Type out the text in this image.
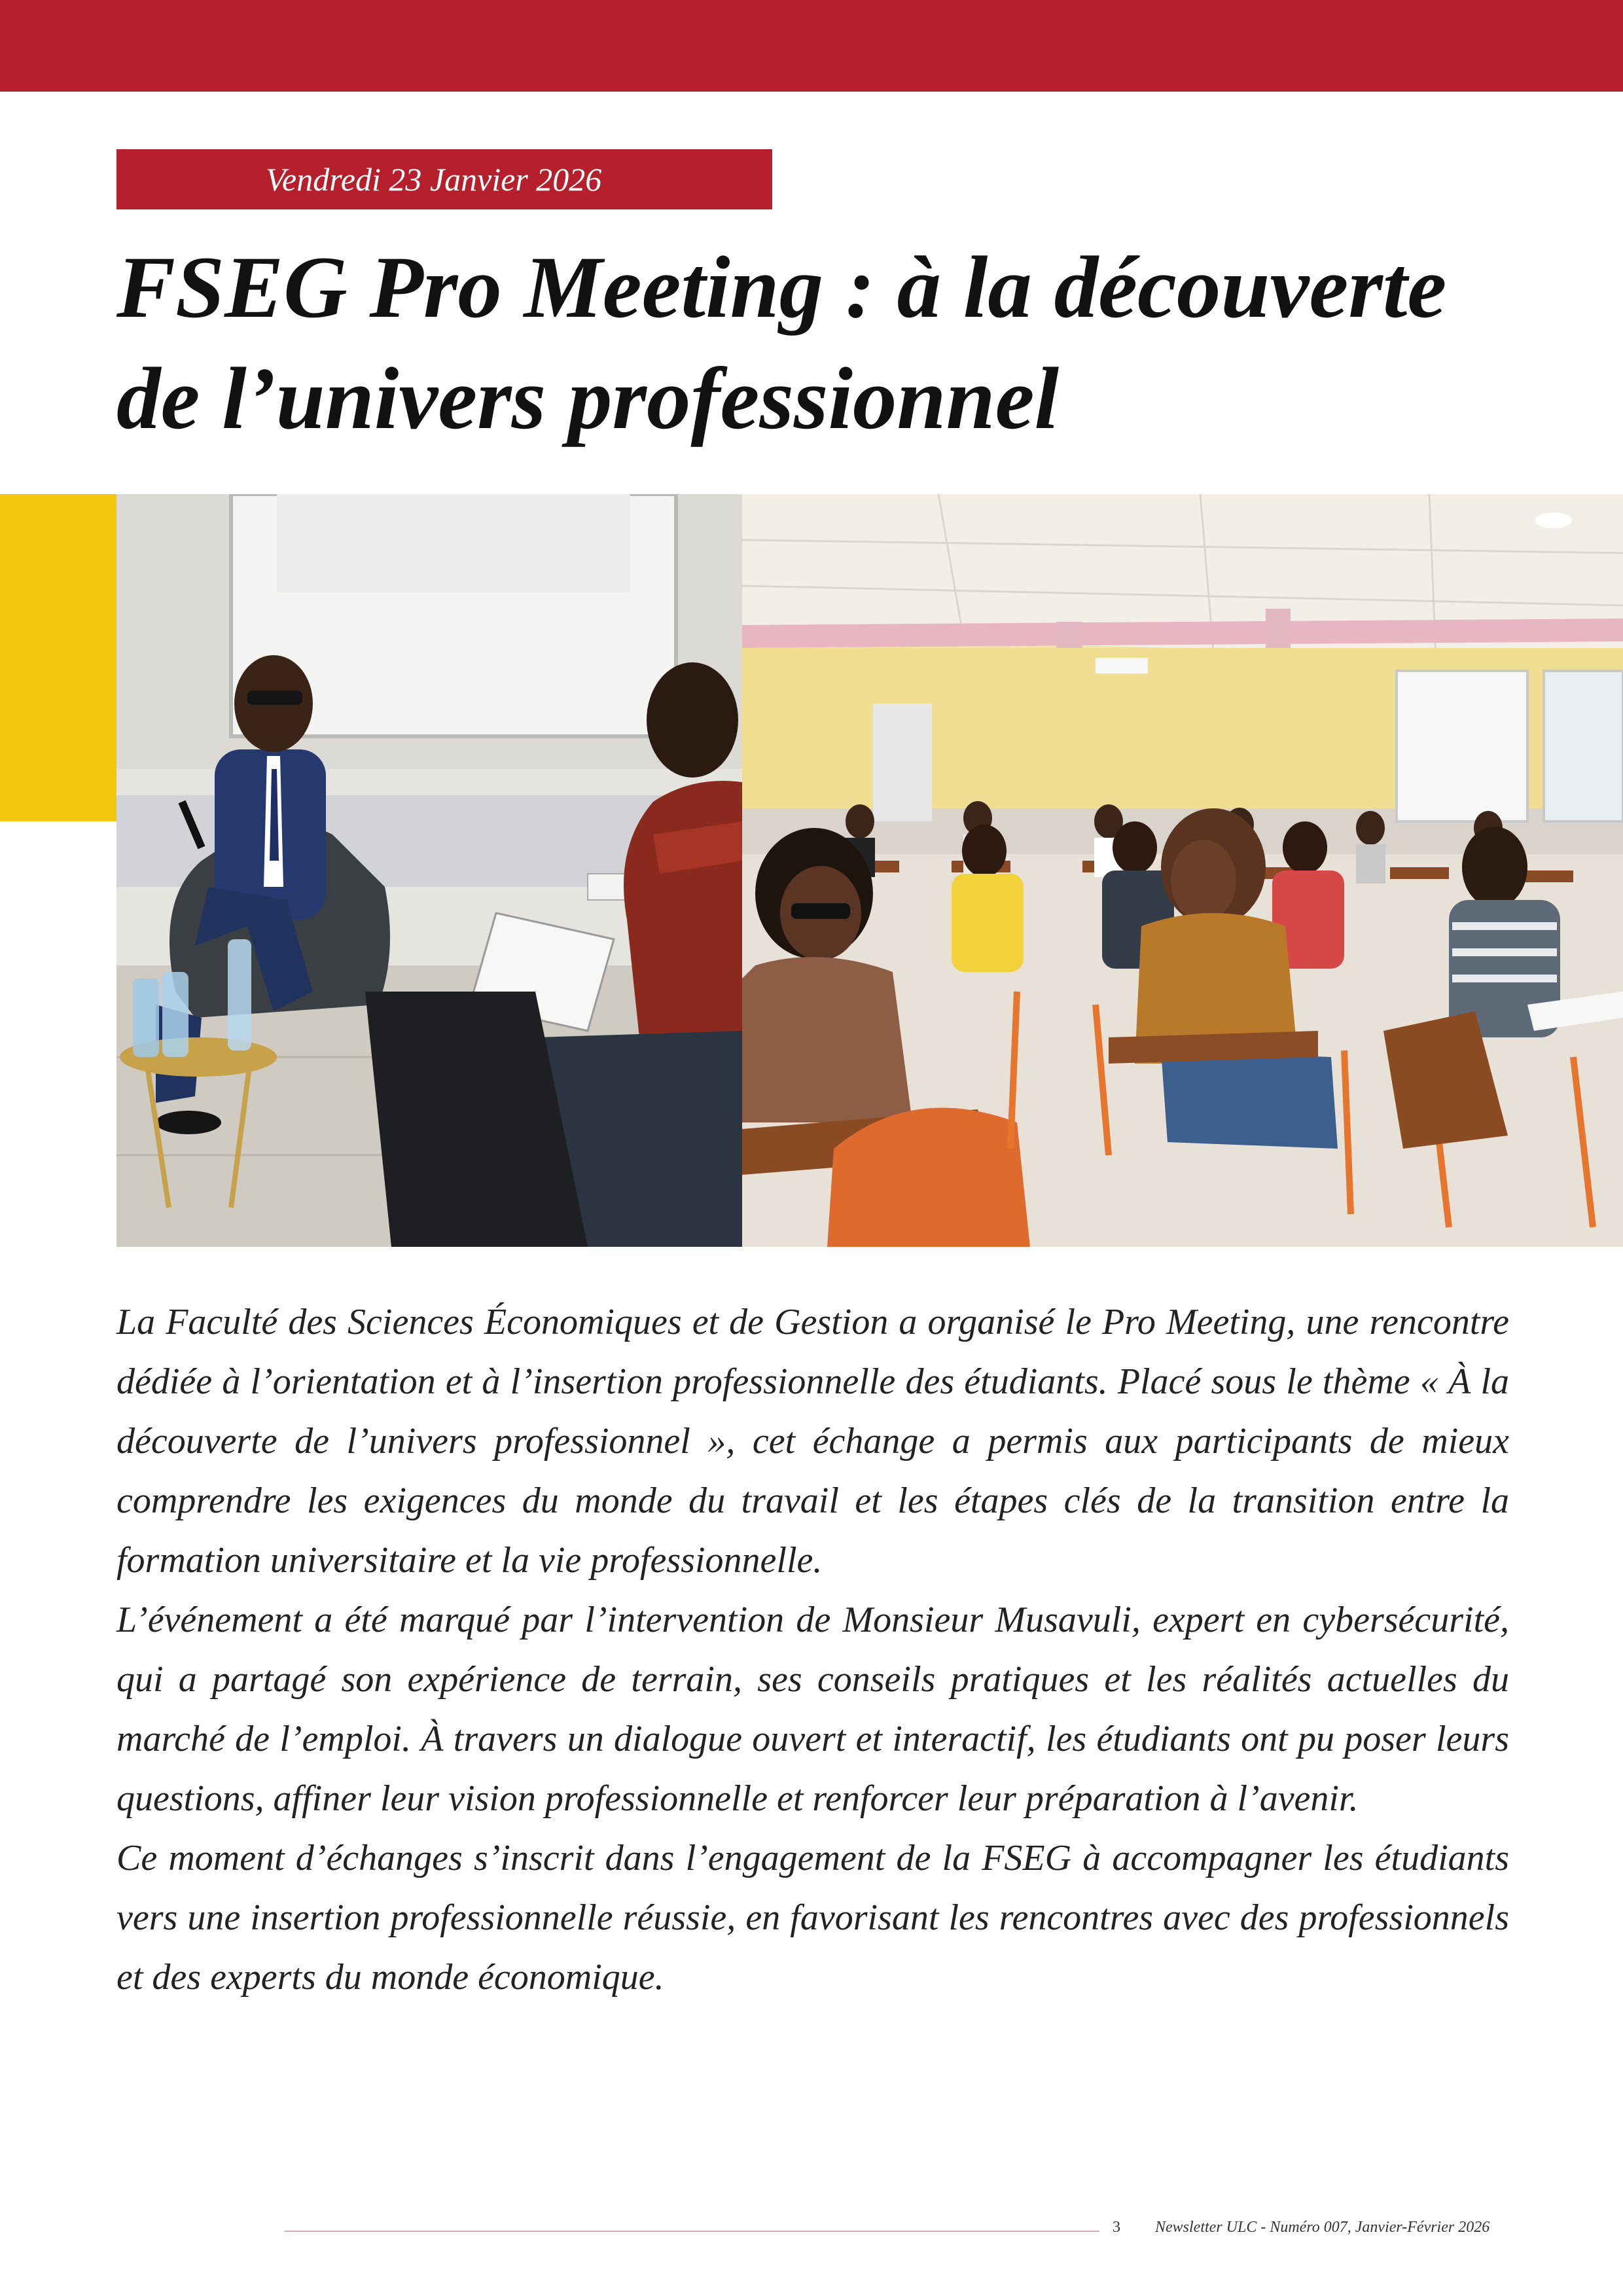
Vendredi 23 Janvier 2026
FSEG Pro Meeting : à la découverte de l’univers professionnel

La Faculté des Sciences Économiques et de Gestion a organisé le Pro Meeting, une rencontre dédiée à l’orientation et à l’insertion professionnelle des étudiants. Placé sous le thème « À la découverte de l’univers professionnel », cet échange a permis aux participants de mieux comprendre les exigences du monde du travail et les étapes clés de la transition entre la formation universitaire et la vie professionnelle.

L’événement a été marqué par l’intervention de Monsieur Musavuli, expert en cybersécurité, qui a partagé son expérience de terrain, ses conseils pratiques et les réalités actuelles du marché de l’emploi. À travers un dialogue ouvert et interactif, les étudiants ont pu poser leurs questions, affiner leur vision professionnelle et renforcer leur préparation à l’avenir.

Ce moment d’échanges s’inscrit dans l’engagement de la FSEG à accompagner les étudiants vers une insertion professionnelle réussie, en favorisant les rencontres avec des professionnels et des experts du monde économique.

3 Newsletter ULC - Numéro 007, Janvier-Février 2026
